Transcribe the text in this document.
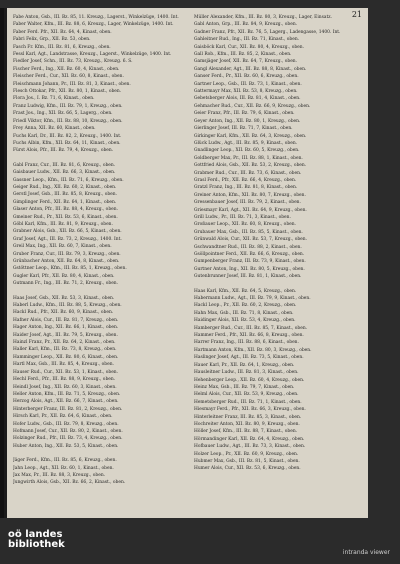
21
Fabe Anton, Gsb., III. Bz. 85, 11. Kreuzg., Lagerst., Winkelzüge, 1400. Int.
Faber Walter, Kfm., III. Bz. 88, 6, Kreuzg., Lager, Winkelzüge, 1400. Int.
Faber Ferd. Pfr., XII. Bz. 64, 4, Kinast, oben.
Fabri Felix, Grp., XII. Bz. 53, oben.
Fasch Fr. Kfm., III. Bz. 81, 6, Kreuzg., oben.
Fessl Karl, Agt., Landstrasse, Kreuzg., Lagerst., Winkelzüge, 1400. Int.
Fiedler Josef, Schn., III. Bz. 73, Kreuzg., Kreuzg. 6. S.
Fischer Ferd., Ing., XII. Bz. 60, 4, Kinast., oben.
Fleischer Ferd., Cur., XII. Bz. 60, 8, Kinast., oben.
Fleischmann Johann, Pr., III. Bz. 81, 3, Kinast., oben.
Flesch Ottokar, Pfr., XII. Bz. 80, 1, Kinast., oben.
Flora Jos., I. Bz. 71, 6, Kinast., oben.
Franz Ludwig, Kfm., III. Bz. 79, 1, Kreuzg., oben.
Frast Jos., Ing., XII. Bz. 66, 5, Lagerg., oben.
Friedl Viktor, Kfm., III. Bz. 88, 10, Kreuzg., oben.
Frey Anna, XII. Bz. 60, Kinast., oben.
Fuchs Karl, Dr., III. Bz. 82, 2, Kreuzg., 1400. Int.
Fuchs Albin, Kfm., XII. Bz. 64, 11, Kinast., oben.
Fürst Alois, Pfr., III. Bz. 79, 4, Kreuzg., oben.
Gabl Franz, Cur., III. Bz. 81, 6, Kreuzg., oben.
Gaisbauer Ludw., XII. Bz. 66, 3, Kinast., oben.
Gassner Leop., Kfm., III. Bz. 71, 6, Kreuzg., oben.
Geiger Rud., Ing., XII. Bz. 60, 2, Kinast., oben.
Gerstl Josef, Gsb., III. Bz. 85, 8, Kreuzg., oben.
Gimplinger Ferd., XII. Bz. 64, 1, Kinast., oben.
Glaser Anton, Pfr., III. Bz. 88, 4, Kreuzg., oben.
Gmeiner Rud., Pr., XII. Bz. 53, 6, Kinast., oben.
Göbl Karl, Kfm., III. Bz. 81, 9, Kreuzg., oben.
Grabner Alois, Gsb., XII. Bz. 66, 5, Kinast., oben.
Graf Josef, Agt., III. Bz. 73, 2, Kreuzg., 1400. Int.
Greil Max, Ing., XII. Bz. 60, 7, Kinast., oben.
Gruber Franz, Cur., III. Bz. 79, 3, Kreuzg., oben.
Grünbacher Anton, XII. Bz. 64, 8, Kinast., oben.
Gstöttner Leop., Kfm., III. Bz. 85, 1, Kreuzg., oben.
Gugler Karl, Pfr., XII. Bz. 80, 4, Kinast., oben.
Gutmann Fr., Ing., III. Bz. 71, 2, Kreuzg., oben.
Haas Josef, Gsb., XII. Bz. 53, 3, Kinast., oben.
Haberl Ludw., Kfm., III. Bz. 88, 5, Kreuzg., oben.
Hackl Rud., Pfr., XII. Bz. 60, 9, Kinast., oben.
Hafner Alois, Cur., III. Bz. 81, 7, Kreuzg., oben.
Hager Anton, Ing., XII. Bz. 66, 1, Kinast., oben.
Haider Josef, Agt., III. Bz. 79, 5, Kreuzg., oben.
Hainzl Franz, Pr., XII. Bz. 64, 2, Kinast., oben.
Haller Karl, Kfm., III. Bz. 73, 8, Kreuzg., oben.
Hamminger Leop., XII. Bz. 80, 6, Kinast., oben.
Hartl Max, Gsb., III. Bz. 85, 4, Kreuzg., oben.
Hauser Rud., Cur., XII. Bz. 53, 1, Kinast., oben.
Hechl Ferd., Pfr., III. Bz. 88, 9, Kreuzg., oben.
Heindl Josef, Ing., XII. Bz. 60, 3, Kinast., oben.
Heller Anton, Kfm., III. Bz. 71, 5, Kreuzg., oben.
Herzog Alois, Agt., XII. Bz. 66, 7, Kinast., oben.
Hinterberger Franz, III. Bz. 81, 2, Kreuzg., oben.
Hirsch Karl, Pr., XII. Bz. 64, 6, Kinast., oben.
Hofer Ludw., Gsb., III. Bz. 79, 8, Kreuzg., oben.
Hofmann Josef, Cur., XII. Bz. 80, 2, Kinast., oben.
Holzinger Rud., Pfr., III. Bz. 73, 4, Kreuzg., oben.
Huber Anton, Ing., XII. Bz. 53, 5, Kinast., oben.
Jäger Ferd., Kfm., III. Bz. 85, 6, Kreuzg., oben.
Jahn Leop., Agt., XII. Bz. 60, 1, Kinast., oben.
Jax Max, Pr., III. Bz. 88, 3, Kreuzg., oben.
Jungwirth Alois, Gsb., XII. Bz. 66, 2, Kinast., oben.
Müller Alexander, Kfm., III. Bz. 80, 3, Kreuzg., Lager, Einsatz.
Gabl Anton, Grp., III. Bz. 84, 9, Kreuzg., oben.
Gadner Franz, Pfr., XII. Bz. 76, 5, Lagerg., Ladengasse, 1400. Int.
Gahleitner Rud., Ing., III. Bz. 71, Kinast., oben.
Gaisböck Karl, Cur., XII. Bz. 80, 4, Kreuzg., oben.
Gall Rob., Kfm., III. Bz. 85, 2, Kinast., oben.
Gamsjäger Josef, XII. Bz. 64, 7, Kreuzg., oben.
Gangl Alexander, Agt., III. Bz. 88, 8, Kinast., oben.
Ganser Ferd., Pr., XII. Bz. 60, 6, Kreuzg., oben.
Gartner Leop., Gsb., III. Bz. 73, 1, Kinast., oben.
Gattermayr Max, XII. Bz. 53, 8, Kreuzg., oben.
Gebetsberger Alois, III. Bz. 81, 4, Kinast., oben.
Gehmacher Rud., Cur., XII. Bz. 66, 9, Kreuzg., oben.
Geier Franz, Pfr., III. Bz. 79, 6, Kinast., oben.
Geyer Anton, Ing., XII. Bz. 80, 1, Kreuzg., oben.
Gierlinger Josef, III. Bz. 71, 7, Kinast., oben.
Girkinger Karl, Kfm., XII. Bz. 64, 3, Kreuzg., oben.
Glück Ludw., Agt., III. Bz. 85, 9, Kinast., oben.
Gnadlinger Leop., XII. Bz. 60, 5, Kreuzg., oben.
Goldberger Max, Pr., III. Bz. 88, 1, Kinast., oben.
Gottfried Alois, Gsb., XII. Bz. 53, 2, Kreuzg., oben.
Grabmer Rud., Cur., III. Bz. 73, 6, Kinast., oben.
Grasl Ferd., Pfr., XII. Bz. 66, 4, Kreuzg., oben.
Gratzl Franz, Ing., III. Bz. 81, 8, Kinast., oben.
Greiner Anton, Kfm., XII. Bz. 80, 7, Kreuzg., oben.
Gressenbauer Josef, III. Bz. 79, 2, Kinast., oben.
Griesmayr Karl, Agt., XII. Bz. 64, 9, Kreuzg., oben.
Grill Ludw., Pr., III. Bz. 71, 3, Kinast., oben.
Großauer Leop., XII. Bz. 60, 8, Kreuzg., oben.
Grubauer Max, Gsb., III. Bz. 85, 5, Kinast., oben.
Grünwald Alois, Cur., XII. Bz. 53, 7, Kreuzg., oben.
Gschwandtner Rud., III. Bz. 88, 2, Kinast., oben.
Gsöllpointner Ferd., XII. Bz. 66, 6, Kreuzg., oben.
Gumpenberger Franz, III. Bz. 73, 9, Kinast., oben.
Gurtner Anton, Ing., XII. Bz. 80, 5, Kreuzg., oben.
Gutenbrunner Josef, III. Bz. 81, 1, Kinast., oben.
Haas Karl, Kfm., XII. Bz. 64, 5, Kreuzg., oben.
Habermann Ludw., Agt., III. Bz. 79, 9, Kinast., oben.
Hackl Leop., Pr., XII. Bz. 60, 2, Kreuzg., oben.
Hahn Max, Gsb., III. Bz. 71, 8, Kinast., oben.
Haidinger Alois, XII. Bz. 53, 4, Kreuzg., oben.
Hamberger Rud., Cur., III. Bz. 85, 7, Kinast., oben.
Hammer Ferd., Pfr., XII. Bz. 66, 8, Kreuzg., oben.
Harrer Franz, Ing., III. Bz. 88, 6, Kinast., oben.
Hartmann Anton, Kfm., XII. Bz. 80, 3, Kreuzg., oben.
Haslinger Josef, Agt., III. Bz. 73, 5, Kinast., oben.
Hauer Karl, Pr., XII. Bz. 64, 1, Kreuzg., oben.
Hausleitner Ludw., III. Bz. 81, 3, Kinast., oben.
Hehenberger Leop., XII. Bz. 60, 4, Kreuzg., oben.
Heinz Max, Gsb., III. Bz. 79, 7, Kinast., oben.
Helml Alois, Cur., XII. Bz. 53, 9, Kreuzg., oben.
Hemetsberger Rud., III. Bz. 71, 1, Kinast., oben.
Hiesmayr Ferd., Pfr., XII. Bz. 66, 3, Kreuzg., oben.
Hinterleitner Franz, III. Bz. 85, 3, Kinast., oben.
Hochreiter Anton, XII. Bz. 80, 9, Kreuzg., oben.
Höller Josef, Kfm., III. Bz. 88, 7, Kinast., oben.
Hörmandinger Karl, XII. Bz. 64, 4, Kreuzg., oben.
Hofbauer Ludw., Agt., III. Bz. 73, 3, Kinast., oben.
Holzer Leop., Pr., XII. Bz. 60, 9, Kreuzg., oben.
Hubmer Max, Gsb., III. Bz. 81, 5, Kinast., oben.
Humer Alois, Cur., XII. Bz. 53, 6, Kreuzg., oben.
oö landes
bibliothek
intranda viewer
